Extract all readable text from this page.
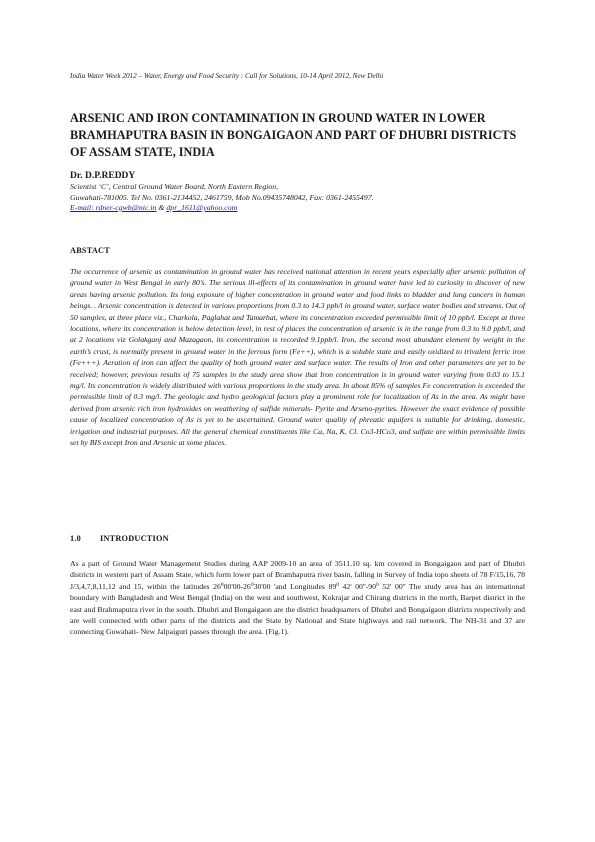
India Water Week 2012 – Water, Energy and Food Security : Call for Solutions, 10-14 April 2012, New Delhi
ARSENIC AND IRON CONTAMINATION IN GROUND WATER IN LOWER BRAMHAPUTRA BASIN IN BONGAIGAON AND PART OF DHUBRI DISTRICTS OF ASSAM STATE, INDIA
Dr. D.P.REDDY
Scientist ‘C’, Central Ground Water Board, North Eastern Region,
Guwahati-781005. Tel No. 0361-2134452, 2461759, Mob No.09435748042, Fax: 0361-2455497.
E-mail: rdner-cgwb@nic.in & dpr_1611@yahoo.com
ABSTACT

The occurrence of arsenic as contamination in ground water has received national attention in recent years especially after arsenic pollution of ground water in West Bengal in early 80’s. The serious ill-effects of its contamination in ground water have led to curiosity to discover of new areas having arsenic pollution. Its long exposure of higher concentration in ground water and food links to bladder and lung cancers in human beings. . Arsenic concentration is detected in various proportions from 0.3 to 14.3 ppb/l in ground water, surface water bodies and streams. Out of 50 samples, at three place viz., Charkola, Paglahat and Tamarhat, where its concentration exceeded permissible limit of 10 ppb/l. Except at three locations, where its concentration is below detection level, in rest of places the concentration of arsenic is in the range from 0.3 to 9.0 ppb/l, and at 2 locations viz Golakganj and Mazagaon, its concentration is recorded 9.1ppb/l. Iron, the second most abundant element by weight in the earth’s crust, is normally present in ground water in the ferrous form (Fe++), which is a soluble state and easily oxidized to trivalent ferric iron (Fe+++). Aeration of iron can affect the quality of both ground water and surface water. The results of Iron and other parameters are yet to be received; however, previous results of 75 samples in the study area show that Iron concentration is in ground water varying from 0.03 to 15.1 mg/l. Its concentration is widely distributed with various proportions in the study area. In about 85% of samples Fe concentration is exceeded the permissible limit of 0.3 mg/l. The geologic and hydro geological factors play a prominent role for localization of As in the area. As might have derived from arsenic rich iron hydroxides on weathering of sulfide minerals- Pyrite and Arseno-pyrites. However the exact evidence of possible cause of localized concentration of As is yet to be ascertained. Ground water quality of phreatic aquifers is suitable for drinking, domestic, irrigation and industrial purposes. All the general chemical constituents like Ca, Na, K, Cl. Co3-HCo3, and sulfate are within permissible limits set by BIS except Iron and Arsenic at some places.

1.0 INTRODUCTION

As a part of Ground Water Management Studies during AAP 2009-10 an area of 3511.10 sq. km covered in Bongaigaon and part of Dhubri districts in western part of Assam State, which form lower part of Bramhaputra river basin, falling in Survey of India topo sheets of 78 F/15,16, 78 J/3,4,7,8,11,12 and 15, within the latitudes $26^000'00-26^030'00$ 'and Longitudes $89^0$ 42' $00''-90^0$ 52' 00'' The study area has an international boundary with Bangladesh and West Bengal (India) on the west and southwest, Kokrajar and Chirang districts in the north, Barpet district in the east and Brahmaputra river in the south. Dhubri and Bongaigaon are the district headquarters of Dhubri and Bongaigaon districts respectively and are well connected with other parts of the districts and the State by National and State highways and rail network. The NH-31 and 37 are connecting Guwahati- New Jalpaiguri passes through the area. (Fig.1).
